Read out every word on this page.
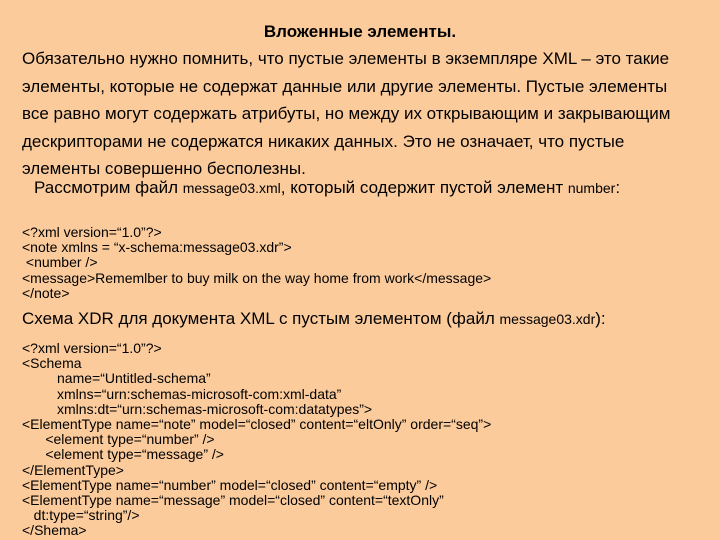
Вложенные элементы.
Обязательно нужно помнить, что пустые элементы в экземпляре XML – это такие
элементы, которые не содержат данные или другие элементы. Пустые элементы
все равно могут содержать атрибуты, но между их открывающим и закрывающим
дескрипторами не содержатся никаких данных. Это не означает, что пустые
элементы совершенно бесполезны.
Рассмотрим файл message03.xml, который содержит пустой элемент number:
<?xml version=“1.0”?>
<note xmlns = “x-schema:message03.xdr”>
<number />
<message>Rememlber to buy milk on the way home from work</message>
</note>
Схема XDR для документа XML с пустым элементом (файл message03.xdr):
<?xml version=“1.0”?>
<Schema
name=“Untitled-schema”
xmlns=“urn:schemas-microsoft-com:xml-data”
xmlns:dt=“urn:schemas-microsoft-com:datatypes”>
<ElementType name=“note” model=“closed” content=“eltOnly” order=“seq”>
<element type=“number” />
<element type=“message” />
</ElementType>
<ElementType name=“number” model=“closed” content=“empty” />
<ElementType name=“message” model=“closed” content=“textOnly”
dt:type=“string”/>
</Shema>
